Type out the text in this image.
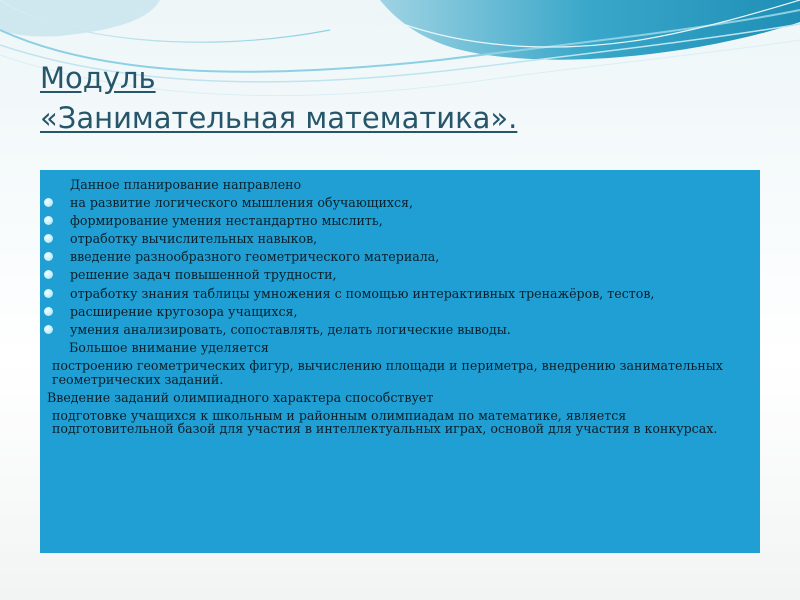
Модуль
«Занимательная математика».
Данное планирование направлено
на развитие логического мышления обучающихся,
формирование умения нестандартно мыслить,
отработку вычислительных навыков,
введение разнообразного геометрического материала,
решение задач повышенной трудности,
отработку знания таблицы умножения с помощью интерактивных тренажёров, тестов,
расширение кругозора учащихся,
умения анализировать, сопоставлять, делать логические выводы.
Большое внимание уделяется
построению геометрических фигур, вычислению площади и периметра, внедрению занимательных геометрических заданий.
Введение заданий олимпиадного характера способствует
подготовке учащихся к школьным и районным олимпиадам по математике, является подготовительной базой для участия в интеллектуальных играх, основой для участия в конкурсах.
